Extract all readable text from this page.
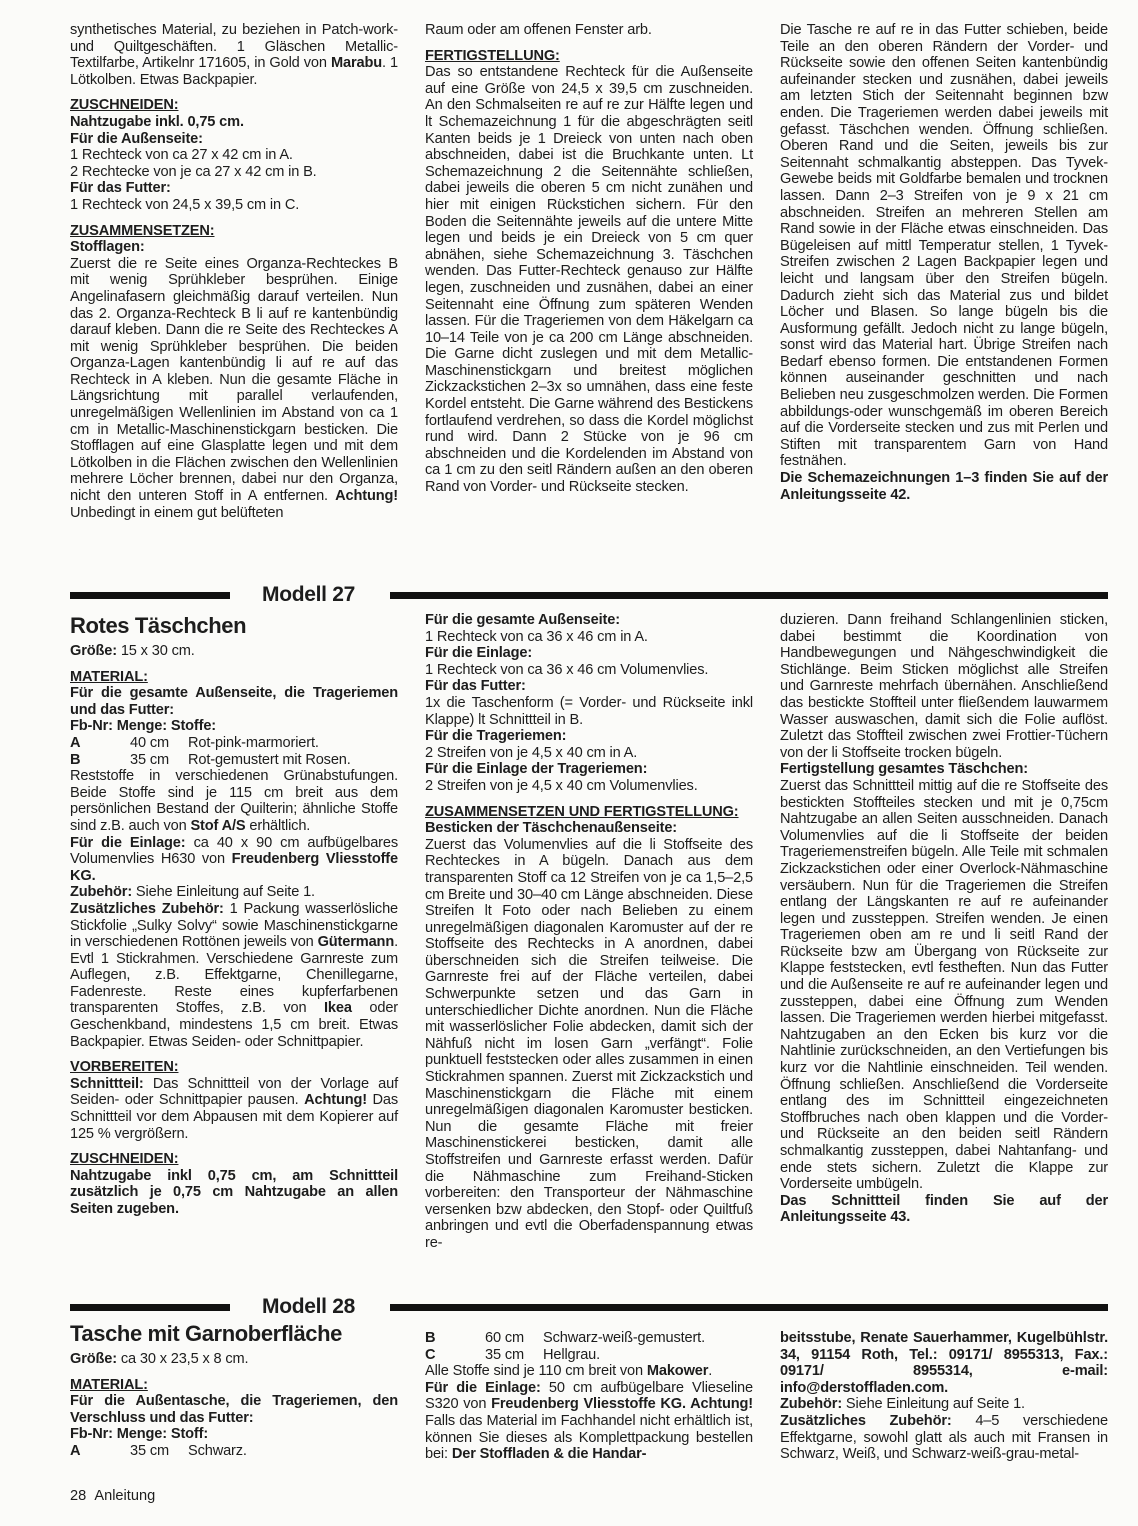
synthetisches Material, zu beziehen in Patch-work- und Quiltgeschäften. 1 Gläschen Metallic-Textilfarbe, Artikelnr 171605, in Gold von Marabu. 1 Lötkolben. Etwas Backpapier.

ZUSCHNEIDEN:

Nahtzugabe inkl. 0,75 cm.

Für die Außenseite:

1 Rechteck von ca 27 x 42 cm in A.

2 Rechtecke von je ca 27 x 42 cm in B.

Für das Futter:

1 Rechteck von 24,5 x 39,5 cm in C.

ZUSAMMENSETZEN:

Stofflagen:

Zuerst die re Seite eines Organza-Rechteckes B mit wenig Sprühkleber besprühen. Einige Angelinafasern gleichmäßig darauf verteilen. Nun das 2. Organza-Rechteck B li auf re kantenbündig darauf kleben. Dann die re Seite des Rechteckes A mit wenig Sprühkleber besprühen. Die beiden Organza-Lagen kantenbündig li auf re auf das Rechteck in A kleben. Nun die gesamte Fläche in Längsrichtung mit parallel verlaufenden, unregelmäßigen Wellenlinien im Abstand von ca 1 cm in Metallic-Maschinenstickgarn besticken. Die Stofflagen auf eine Glasplatte legen und mit dem Lötkolben in die Flächen zwischen den Wellenlinien mehrere Löcher brennen, dabei nur den Organza, nicht den unteren Stoff in A entfernen. Achtung! Unbedingt in einem gut belüfteten

Raum oder am offenen Fenster arb.

FERTIGSTELLUNG:

Das so entstandene Rechteck für die Außenseite auf eine Größe von 24,5 x 39,5 cm zuschneiden. An den Schmalseiten re auf re zur Hälfte legen und lt Schemazeichnung 1 für die abgeschrägten seitl Kanten beids je 1 Dreieck von unten nach oben abschneiden, dabei ist die Bruchkante unten. Lt Schemazeichnung 2 die Seitennähte schließen, dabei jeweils die oberen 5 cm nicht zunähen und hier mit einigen Rückstichen sichern. Für den Boden die Seitennähte jeweils auf die untere Mitte legen und beids je ein Dreieck von 5 cm quer abnähen, siehe Schemazeichnung 3. Täschchen wenden. Das Futter-Rechteck genauso zur Hälfte legen, zuschneiden und zusnähen, dabei an einer Seitennaht eine Öffnung zum späteren Wenden lassen. Für die Trageriemen von dem Häkelgarn ca 10–14 Teile von je ca 200 cm Länge abschneiden. Die Garne dicht zuslegen und mit dem Metallic-Maschinenstickgarn und breitest möglichen Zickzackstichen 2–3x so umnähen, dass eine feste Kordel entsteht. Die Garne während des Bestickens fortlaufend verdrehen, so dass die Kordel möglichst rund wird. Dann 2 Stücke von je 96 cm abschneiden und die Kordelenden im Abstand von ca 1 cm zu den seitl Rändern außen an den oberen Rand von Vorder- und Rückseite stecken.

Die Tasche re auf re in das Futter schieben, beide Teile an den oberen Rändern der Vorder- und Rückseite sowie den offenen Seiten kantenbündig aufeinander stecken und zusnähen, dabei jeweils am letzten Stich der Seitennaht beginnen bzw enden. Die Trageriemen werden dabei jeweils mit gefasst. Täschchen wenden. Öffnung schließen. Oberen Rand und die Seiten, jeweils bis zur Seitennaht schmalkantig absteppen. Das Tyvek-Gewebe beids mit Goldfarbe bemalen und trocknen lassen. Dann 2–3 Streifen von je 9 x 21 cm abschneiden. Streifen an mehreren Stellen am Rand sowie in der Fläche etwas einschneiden. Das Bügeleisen auf mittl Temperatur stellen, 1 Tyvek-Streifen zwischen 2 Lagen Backpapier legen und leicht und langsam über den Streifen bügeln. Dadurch zieht sich das Material zus und bildet Löcher und Blasen. So lange bügeln bis die Ausformung gefällt. Jedoch nicht zu lange bügeln, sonst wird das Material hart. Übrige Streifen nach Bedarf ebenso formen. Die entstandenen Formen können auseinander geschnitten und nach Belieben neu zusgeschmolzen werden. Die Formen abbildungs-oder wunschgemäß im oberen Bereich auf die Vorderseite stecken und zus mit Perlen und Stiften mit transparentem Garn von Hand festnähen.

Die Schemazeichnungen 1–3 finden Sie auf der Anleitungsseite 42.

Modell 27
Rotes Täschchen

Größe: 15 x 30 cm.

MATERIAL:

Für die gesamte Außenseite, die Trageriemen und das Futter:

Fb-Nr: Menge: Stoffe:

A	40 cm	Rot-pink-marmoriert.
B	35 cm	Rot-gemustert mit Rosen.

Reststoffe in verschiedenen Grünabstufungen. Beide Stoffe sind je 115 cm breit aus dem persönlichen Bestand der Quilterin; ähnliche Stoffe sind z.B. auch von Stof A/S erhältlich.

Für die Einlage: ca 40 x 90 cm aufbügelbares Volumenvlies H630 von Freudenberg Vliesstoffe KG.

Zubehör: Siehe Einleitung auf Seite 1.

Zusätzliches Zubehör: 1 Packung wasserlösliche Stickfolie „Sulky Solvy“ sowie Maschinenstickgarne in verschiedenen Rottönen jeweils von Gütermann. Evtl 1 Stickrahmen. Verschiedene Garnreste zum Auflegen, z.B. Effektgarne, Chenillegarne, Fadenreste. Reste eines kupferfarbenen transparenten Stoffes, z.B. von Ikea oder Geschenkband, mindestens 1,5 cm breit. Etwas Backpapier. Etwas Seiden- oder Schnittpapier.

VORBEREITEN:

Schnittteil: Das Schnittteil von der Vorlage auf Seiden- oder Schnittpapier pausen. Achtung! Das Schnittteil vor dem Abpausen mit dem Kopierer auf 125 % vergrößern.

ZUSCHNEIDEN:

Nahtzugabe inkl 0,75 cm, am Schnittteil zusätzlich je 0,75 cm Nahtzugabe an allen Seiten zugeben.

Für die gesamte Außenseite:

1 Rechteck von ca 36 x 46 cm in A.

Für die Einlage:

1 Rechteck von ca 36 x 46 cm Volumenvlies.

Für das Futter:

1x die Taschenform (= Vorder- und Rückseite inkl Klappe) lt Schnittteil in B.

Für die Trageriemen:

2 Streifen von je 4,5 x 40 cm in A.

Für die Einlage der Trageriemen:

2 Streifen von je 4,5 x 40 cm Volumenvlies.

ZUSAMMENSETZEN UND FERTIGSTELLUNG:

Besticken der Täschchenaußenseite:

Zuerst das Volumenvlies auf die li Stoffseite des Rechteckes in A bügeln. Danach aus dem transparenten Stoff ca 12 Streifen von je ca 1,5–2,5 cm Breite und 30–40 cm Länge abschneiden. Diese Streifen lt Foto oder nach Belieben zu einem unregelmäßigen diagonalen Karomuster auf der re Stoffseite des Rechtecks in A anordnen, dabei überschneiden sich die Streifen teilweise. Die Garnreste frei auf der Fläche verteilen, dabei Schwerpunkte setzen und das Garn in unterschiedlicher Dichte anordnen. Nun die Fläche mit wasserlöslicher Folie abdecken, damit sich der Nähfuß nicht im losen Garn „verfängt“. Folie punktuell feststecken oder alles zusammen in einen Stickrahmen spannen. Zuerst mit Zickzackstich und Maschinenstickgarn die Fläche mit einem unregelmäßigen diagonalen Karomuster besticken. Nun die gesamte Fläche mit freier Maschinenstickerei besticken, damit alle Stoffstreifen und Garnreste erfasst werden. Dafür die Nähmaschine zum Freihand-Sticken vorbereiten: den Transporteur der Nähmaschine versenken bzw abdecken, den Stopf- oder Quiltfuß anbringen und evtl die Oberfadenspannung etwas re-

duzieren. Dann freihand Schlangenlinien sticken, dabei bestimmt die Koordination von Handbewegungen und Nähgeschwindigkeit die Stichlänge. Beim Sticken möglichst alle Streifen und Garnreste mehrfach übernähen. Anschließend das bestickte Stoffteil unter fließendem lauwarmem Wasser auswaschen, damit sich die Folie auflöst. Zuletzt das Stoffteil zwischen zwei Frottier-Tüchern von der li Stoffseite trocken bügeln.

Fertigstellung gesamtes Täschchen:

Zuerst das Schnittteil mittig auf die re Stoffseite des bestickten Stoffteiles stecken und mit je 0,75cm Nahtzugabe an allen Seiten ausschneiden. Danach Volumenvlies auf die li Stoffseite der beiden Trageriemenstreifen bügeln. Alle Teile mit schmalen Zickzackstichen oder einer Overlock-Nähmaschine versäubern. Nun für die Trageriemen die Streifen entlang der Längskanten re auf re aufeinander legen und zussteppen. Streifen wenden. Je einen Trageriemen oben am re und li seitl Rand der Rückseite bzw am Übergang von Rückseite zur Klappe feststecken, evtl festheften. Nun das Futter und die Außenseite re auf re aufeinander legen und zussteppen, dabei eine Öffnung zum Wenden lassen. Die Trageriemen werden hierbei mitgefasst. Nahtzugaben an den Ecken bis kurz vor die Nahtlinie zurückschneiden, an den Vertiefungen bis kurz vor die Nahtlinie einschneiden. Teil wenden. Öffnung schließen. Anschließend die Vorderseite entlang des im Schnittteil eingezeichneten Stoffbruches nach oben klappen und die Vorder- und Rückseite an den beiden seitl Rändern schmalkantig zussteppen, dabei Nahtanfang- und ende stets sichern. Zuletzt die Klappe zur Vorderseite umbügeln.

Das Schnittteil finden Sie auf der Anleitungsseite 43.

Modell 28
Tasche mit Garnoberfläche

Größe: ca 30 x 23,5 x 8 cm.

MATERIAL:

Für die Außentasche, die Trageriemen, den Verschluss und das Futter:

Fb-Nr: Menge: Stoff:

A	35 cm	Schwarz.
B	60 cm	Schwarz-weiß-gemustert.
C	35 cm	Hellgrau.

Alle Stoffe sind je 110 cm breit von Makower.

Für die Einlage: 50 cm aufbügelbare Vlieseline S320 von Freudenberg Vliesstoffe KG. Achtung! Falls das Material im Fachhandel nicht erhältlich ist, können Sie dieses als Komplettpackung bestellen bei: Der Stoffladen & die Handar-

beitsstube, Renate Sauerhammer, Kugelbühlstr. 34, 91154 Roth, Tel.: 09171/ 8955313, Fax.: 09171/ 8955314, e-mail: info@derstoffladen.com.

Zubehör: Siehe Einleitung auf Seite 1.

Zusätzliches Zubehör: 4–5 verschiedene Effektgarne, sowohl glatt als auch mit Fransen in Schwarz, Weiß, und Schwarz-weiß-grau-metal-

28 Anleitung
